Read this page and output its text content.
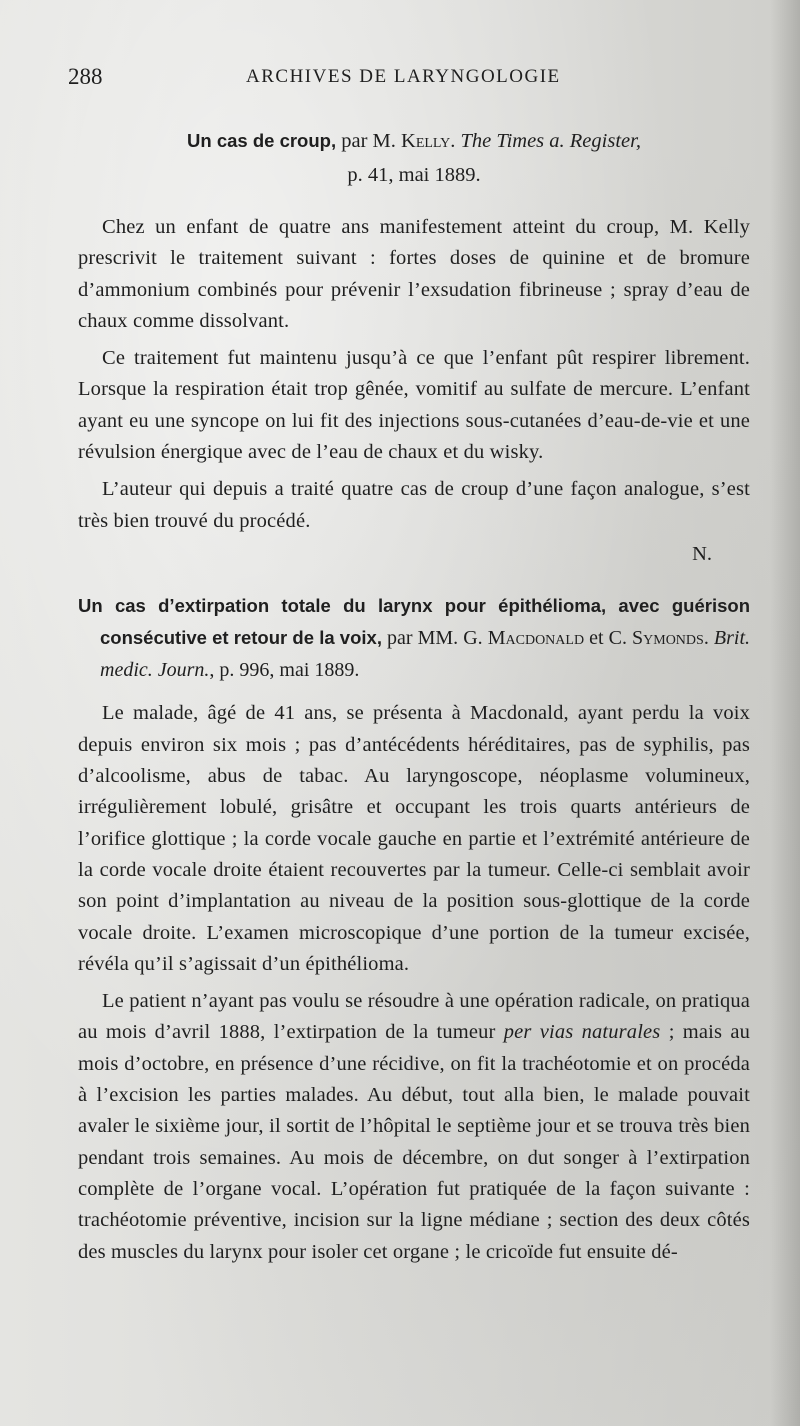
288	ARCHIVES DE LARYNGOLOGIE
Un cas de croup, par M. Kelly. The Times a. Register,
p. 41, mai 1889.

Chez un enfant de quatre ans manifestement atteint du croup, M. Kelly prescrivit le traitement suivant : fortes doses de quinine et de bromure d’ammonium combinés pour prévenir l’exsudation fibrineuse ; spray d’eau de chaux comme dissolvant.

Ce traitement fut maintenu jusqu’à ce que l’enfant pût respirer librement. Lorsque la respiration était trop gênée, vomitif au sulfate de mercure. L’enfant ayant eu une syncope on lui fit des injections sous-cutanées d’eau-de-vie et une révulsion énergique avec de l’eau de chaux et du wisky.

L’auteur qui depuis a traité quatre cas de croup d’une façon analogue, s’est très bien trouvé du procédé.

N.
Un cas d’extirpation totale du larynx pour épithélioma, avec guérison consécutive et retour de la voix, par MM. G. Macdonald et C. Symonds. Brit. medic. Journ., p. 996, mai 1889.

Le malade, âgé de 41 ans, se présenta à Macdonald, ayant perdu la voix depuis environ six mois ; pas d’antécédents héréditaires, pas de syphilis, pas d’alcoolisme, abus de tabac. Au laryngoscope, néoplasme volumineux, irrégulièrement lobulé, grisâtre et occupant les trois quarts antérieurs de l’orifice glottique ; la corde vocale gauche en partie et l’extrémité antérieure de la corde vocale droite étaient recouvertes par la tumeur. Celle-ci semblait avoir son point d’implantation au niveau de la position sous-glottique de la corde vocale droite. L’examen microscopique d’une portion de la tumeur excisée, révéla qu’il s’agissait d’un épithélioma.

Le patient n’ayant pas voulu se résoudre à une opération radicale, on pratiqua au mois d’avril 1888, l’extirpation de la tumeur per vias naturales ; mais au mois d’octobre, en présence d’une récidive, on fit la trachéotomie et on procéda à l’excision les parties malades. Au début, tout alla bien, le malade pouvait avaler le sixième jour, il sortit de l’hôpital le septième jour et se trouva très bien pendant trois semaines. Au mois de décembre, on dut songer à l’extirpation complète de l’organe vocal. L’opération fut pratiquée de la façon suivante : trachéotomie préventive, incision sur la ligne médiane ; section des deux côtés des muscles du larynx pour isoler cet organe ; le cricoïde fut ensuite dé-
